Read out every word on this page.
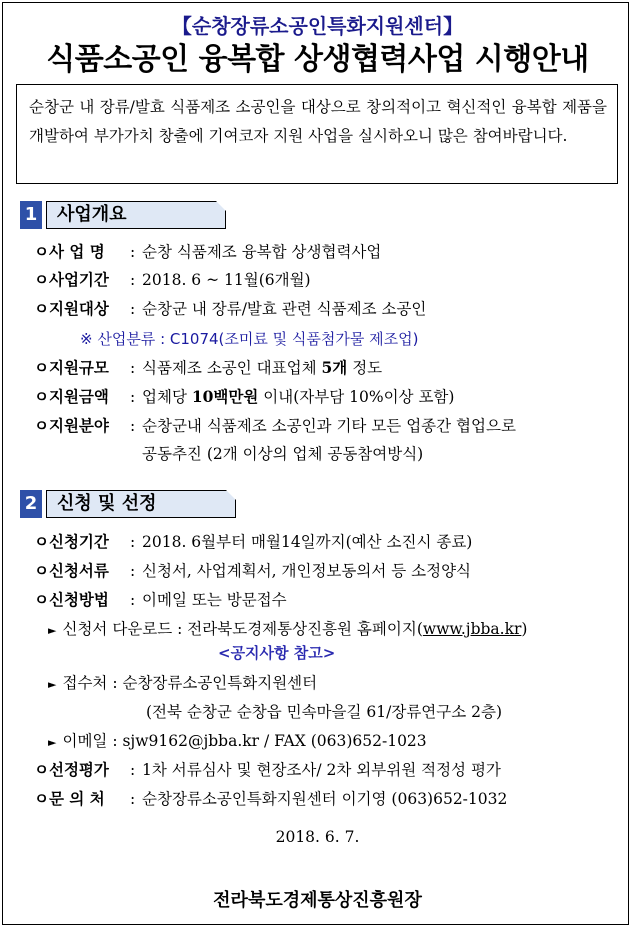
【순창장류소공인특화지원센터】
식품소공인 융복합 상생협력사업 시행안내
순창군 내 장류/발효 식품제조 소공인을 대상으로 창의적이고 혁신적인 융복합 제품을 개발하여 부가가치 창출에 기여코자 지원 사업을 실시하오니 많은 참여바랍니다.
1	사업개요
ㅇ사 업 명 : 순창 식품제조 융복합 상생협력사업
ㅇ사업기간 : 2018. 6 ~ 11월(6개월)
ㅇ지원대상 : 순창군 내 장류/발효 관련 식품제조 소공인
※ 산업분류 : C1074(조미료 및 식품첨가물 제조업)
ㅇ지원규모 : 식품제조 소공인 대표업체 5개 정도
ㅇ지원금액 : 업체당 10백만원 이내(자부담 10%이상 포함)
ㅇ지원분야 : 순창군내 식품제조 소공인과 기타 모든 업종간 협업으로
공동추진 (2개 이상의 업체 공동참여방식)
2	신청 및 선정
ㅇ신청기간 : 2018. 6월부터 매월14일까지(예산 소진시 종료)
ㅇ신청서류 : 신청서, 사업계획서, 개인정보동의서 등 소정양식
ㅇ신청방법 : 이메일 또는 방문접수
► 신청서 다운로드 : 전라북도경제통상진흥원 홈페이지(www.jbba.kr)
<공지사항 참고>
► 접수처 : 순창장류소공인특화지원센터
(전북 순창군 순창읍 민속마을길 61/장류연구소 2층)
► 이메일 : sjw9162@jbba.kr / FAX (063)652-1023
ㅇ선정평가 : 1차 서류심사 및 현장조사/ 2차 외부위원 적정성 평가
ㅇ문 의 처 : 순창장류소공인특화지원센터 이기영 (063)652-1032
2018. 6. 7.
전라북도경제통상진흥원장
